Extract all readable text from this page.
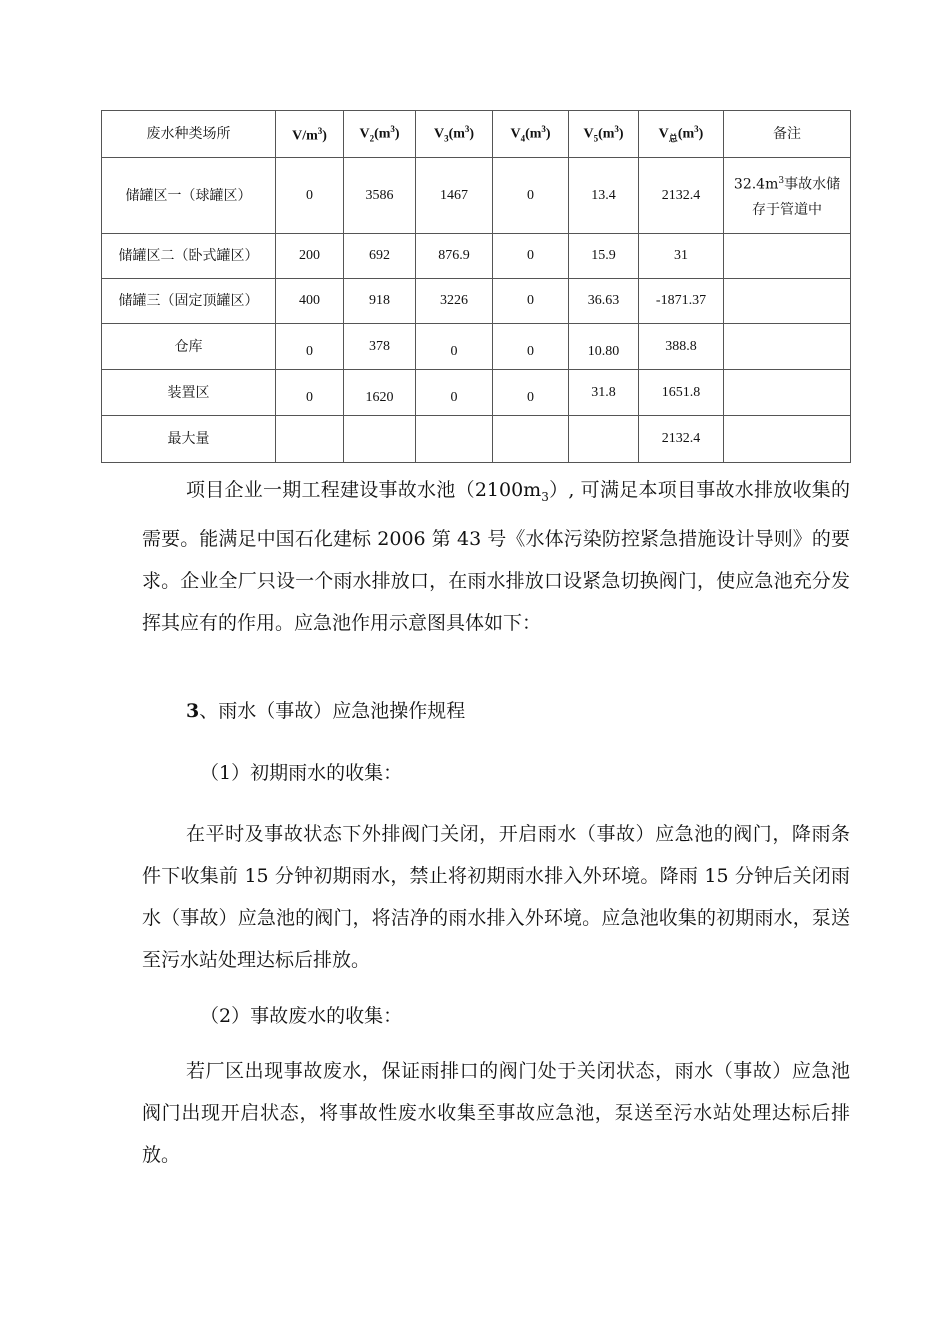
废水种类场所	$V/m^3$)	$V_2(m^3)$	$V_3(m^3)$	$V_4(m^3)$	$V_5(m^3)$	$V_总(m^3)$	备注
储罐区一（球罐区）	0	3586	1467	0	13.4	2132.4	$32.4m^3$事故水储存于管道中
储罐区二（卧式罐区）	200	692	876.9	0	15.9	31	
储罐三（固定顶罐区）	400	918	3226	0	36.63	-1871.37	
仓库	0	378	0	0	10.80	388.8	
装置区	0	1620	0	0	31.8	1651.8	
最大量						2132.4	

项目企业一期工程建设事故水池$(2100m_3)$, 可满足本项目事故水排放收集的需要。能满足中国石化建标 2006 第 43 号《水体污染防控紧急措施设计导则》的要求。企业全厂只设一个雨水排放口，在雨水排放口设紧急切换阀门，使应急池充分发挥其应有的作用。应急池作用示意图具体如下：

3、雨水（事故）应急池操作规程

（1）初期雨水的收集：

在平时及事故状态下外排阀门关闭，开启雨水（事故）应急池的阀门，降雨条件下收集前 15 分钟初期雨水，禁止将初期雨水排入外环境。降雨 15 分钟后关闭雨水（事故）应急池的阀门，将洁净的雨水排入外环境。应急池收集的初期雨水，泵送至污水站处理达标后排放。

（2）事故废水的收集：

若厂区出现事故废水，保证雨排口的阀门处于关闭状态，雨水（事故）应急池阀门出现开启状态，将事故性废水收集至事故应急池，泵送至污水站处理达标后排放。
